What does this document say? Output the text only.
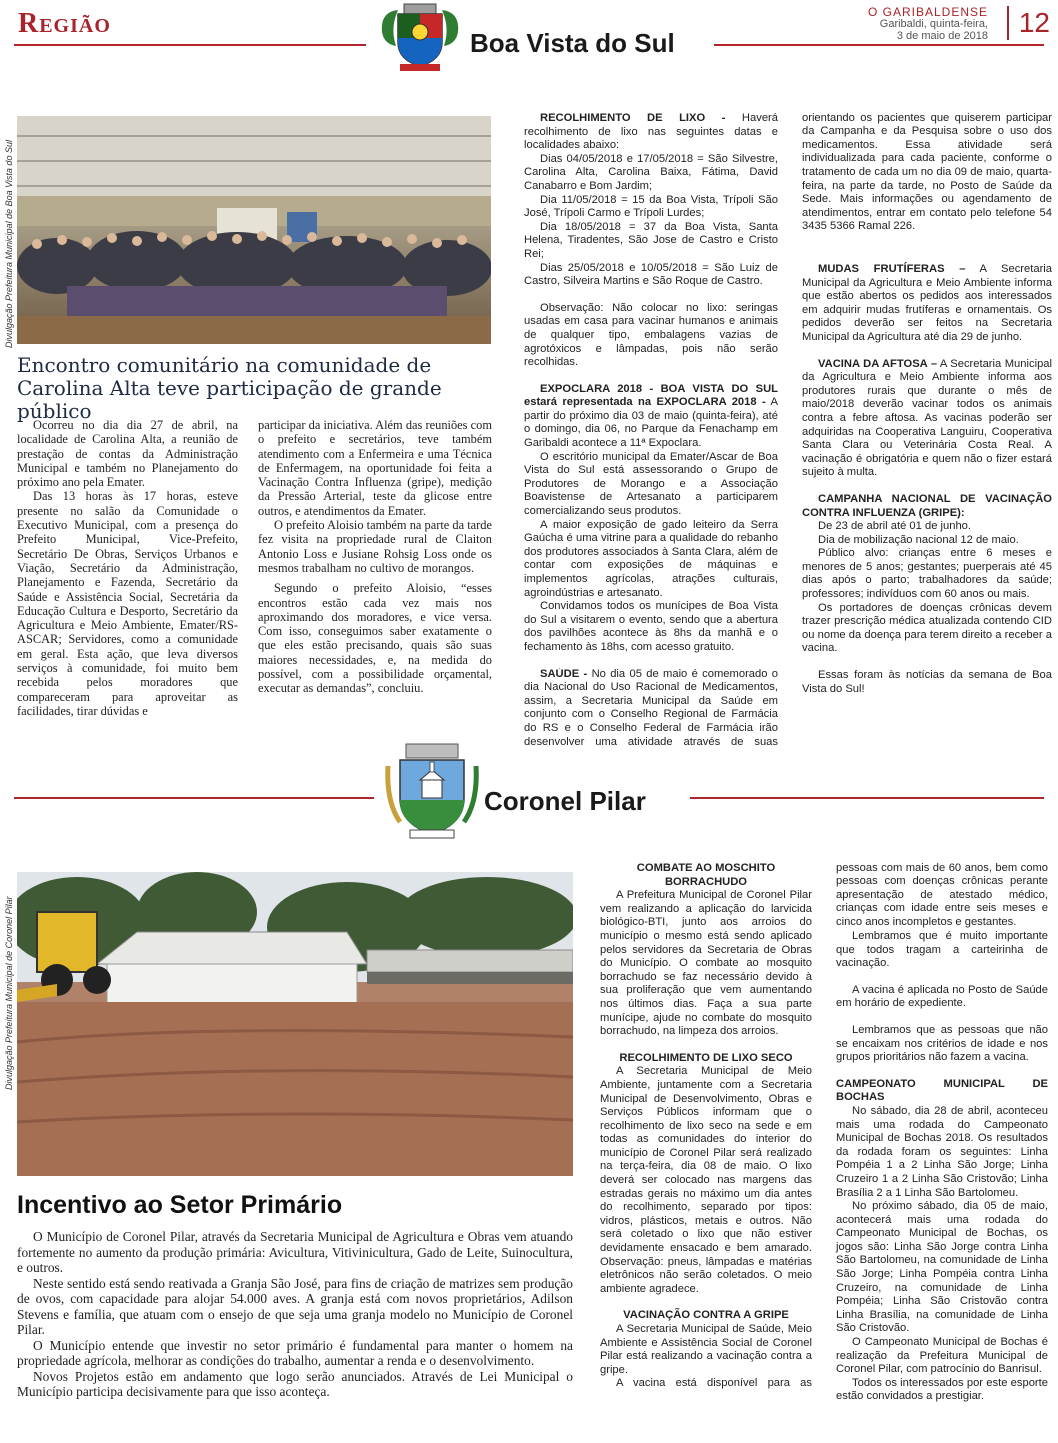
Região
Boa Vista do Sul
O GARIBALDENSE
Garibaldi, quinta-feira,
3 de maio de 2018	12
Divulgação Prefeitura Municipal de Boa Vista do Sul
Encontro comunitário na comunidade de Carolina Alta teve participação de grande público

Ocorreu no dia dia 27 de abril, na localidade de Carolina Alta, a reunião de prestação de contas da Administração Municipal e também no Planejamento do próximo ano pela Emater.

Das 13 horas às 17 horas, esteve presente no salão da Comunidade o Executivo Municipal, com a presença do Prefeito Municipal, Vice-Prefeito, Secretário De Obras, Serviços Urbanos e Viação, Secretário da Administração, Planejamento e Fazenda, Secretário da Saúde e Assistência Social, Secretária da Educação Cultura e Desporto, Secretário da Agricultura e Meio Ambiente, Emater/RS-ASCAR; Servidores, como a comunidade em geral. Esta ação, que leva diversos serviços à comunidade, foi muito bem recebida pelos moradores que compareceram para aproveitar as facilidades, tirar dúvidas e

participar da iniciativa. Além das reuniões com o prefeito e secretários, teve também atendimento com a Enfermeira e uma Técnica de Enfermagem, na oportunidade foi feita a Vacinação Contra Influenza (gripe), medição da Pressão Arterial, teste da glicose entre outros, e atendimentos da Emater.

O prefeito Aloisio também na parte da tarde fez visita na propriedade rural de Claiton Antonio Loss e Jusiane Rohsig Loss onde os mesmos trabalham no cultivo de morangos.

Segundo o prefeito Aloisio, “esses encontros estão cada vez mais nos aproximando dos moradores, e vice versa. Com isso, conseguimos saber exatamente o que eles estão precisando, quais são suas maiores necessidades, e, na medida do possível, com a possibilidade orçamental, executar as demandas”, concluiu.

RECOLHIMENTO DE LIXO - Haverá recolhimento de lixo nas seguintes datas e localidades abaixo:

Dias 04/05/2018 e 17/05/2018 = São Silvestre, Carolina Alta, Carolina Baixa, Fátima, David Canabarro e Bom Jardim;

Dia 11/05/2018 = 15 da Boa Vista, Trípoli São José, Trípoli Carmo e Trípoli Lurdes;

Dia 18/05/2018 = 37 da Boa Vista, Santa Helena, Tiradentes, São Jose de Castro e Cristo Rei;

Dias 25/05/2018 e 10/05/2018 = São Luiz de Castro, Silveira Martins e São Roque de Castro.

Observação: Não colocar no lixo: seringas usadas em casa para vacinar humanos e animais de qualquer tipo, embalagens vazias de agrotóxicos e lâmpadas, pois não serão recolhidas.

EXPOCLARA 2018 - BOA VISTA DO SUL estará representada na EXPOCLARA 2018 - A partir do próximo dia 03 de maio (quinta-feira), até o domingo, dia 06, no Parque da Fenachamp em Garibaldi acontece a 11ª Expoclara.

O escritório municipal da Emater/Ascar de Boa Vista do Sul está assessorando o Grupo de Produtores de Morango e a Associação Boavistense de Artesanato a participarem comercializando seus produtos.

A maior exposição de gado leiteiro da Serra Gaúcha é uma vitrine para a qualidade do rebanho dos produtores associados à Santa Clara, além de contar com exposições de máquinas e implementos agrícolas, atrações culturais, agroindústrias e artesanato.

Convidamos todos os munícipes de Boa Vista do Sul a visitarem o evento, sendo que a abertura dos pavilhões acontece às 8hs da manhã e o fechamento às 18hs, com acesso gratuito.

SAÚDE - No dia 05 de maio é comemorado o dia Nacional do Uso Racional de Medicamentos, assim, a Secretaria Municipal da Saúde em conjunto com o Conselho Regional de Farmácia do RS e o Conselho Federal de Farmácia irão desenvolver uma atividade através de suas

orientando os pacientes que quiserem participar da Campanha e da Pesquisa sobre o uso dos medicamentos. Essa atividade será individualizada para cada paciente, conforme o tratamento de cada um no dia 09 de maio, quarta-feira, na parte da tarde, no Posto de Saúde da Sede. Mais informações ou agendamento de atendimentos, entrar em contato pelo telefone 54 3435 5366 Ramal 226.

MUDAS FRUTÍFERAS – A Secretaria Municipal da Agricultura e Meio Ambiente informa que estão abertos os pedidos aos interessados em adquirir mudas frutíferas e ornamentais. Os pedidos deverão ser feitos na Secretaria Municipal da Agricultura até dia 29 de junho.

VACINA DA AFTOSA – A Secretaria Municipal da Agricultura e Meio Ambiente informa aos produtores rurais que durante o mês de maio/2018 deverão vacinar todos os animais contra a febre aftosa. As vacinas poderão ser adquiridas na Cooperativa Languiru, Cooperativa Santa Clara ou Veterinária Costa Real. A vacinação é obrigatória e quem não o fizer estará sujeito à multa.

CAMPANHA NACIONAL DE VACINAÇÃO CONTRA INFLUENZA (GRIPE):

De 23 de abril até 01 de junho.

Dia de mobilização nacional 12 de maio.

Público alvo: crianças entre 6 meses e menores de 5 anos; gestantes; puerperais até 45 dias após o parto; trabalhadores da saúde; professores; indivíduos com 60 anos ou mais.

Os portadores de doenças crônicas devem trazer prescrição médica atualizada contendo CID ou nome da doença para terem direito a receber a vacina.

Essas foram às notícias da semana de Boa Vista do Sul!

Coronel Pilar
Divulgação Prefeitura Municipal de Coronel Pilar
Incentivo ao Setor Primário

O Município de Coronel Pilar, através da Secretaria Municipal de Agricultura e Obras vem atuando fortemente no aumento da produção primária: Avicultura, Vitivinicultura, Gado de Leite, Suinocultura, e outros.

Neste sentido está sendo reativada a Granja São José, para fins de criação de matrizes sem produção de ovos, com capacidade para alojar 54.000 aves. A granja está com novos proprietários, Adilson Stevens e família, que atuam com o ensejo de que seja uma granja modelo no Município de Coronel Pilar.

O Município entende que investir no setor primário é fundamental para manter o homem na propriedade agrícola, melhorar as condições do trabalho, aumentar a renda e o desenvolvimento.

Novos Projetos estão em andamento que logo serão anunciados. Através de Lei Municipal o Município participa decisivamente para que isso aconteça.

COMBATE AO MOSCHITO BORRACHUDO

A Prefeitura Municipal de Coronel Pilar vem realizando a aplicação do larvicida biológico-BTI, junto aos arroios do município o mesmo está sendo aplicado pelos servidores da Secretaria de Obras do Município. O combate ao mosquito borrachudo se faz necessário devido à sua proliferação que vem aumentando nos últimos dias. Faça a sua parte munícipe, ajude no combate do mosquito borrachudo, na limpeza dos arroios.

RECOLHIMENTO DE LIXO SECO

A Secretaria Municipal de Meio Ambiente, juntamente com a Secretaria Municipal de Desenvolvimento, Obras e Serviços Públicos informam que o recolhimento de lixo seco na sede e em todas as comunidades do interior do município de Coronel Pilar será realizado na terça-feira, dia 08 de maio. O lixo deverá ser colocado nas margens das estradas gerais no máximo um dia antes do recolhimento, separado por tipos: vidros, plásticos, metais e outros. Não será coletado o lixo que não estiver devidamente ensacado e bem amarado. Observação: pneus, lâmpadas e matérias eletrônicos não serão coletados. O meio ambiente agradece.

VACINAÇÃO CONTRA A GRIPE

A Secretaria Municipal de Saúde, Meio Ambiente e Assistência Social de Coronel Pilar está realizando a vacinação contra a gripe.

A vacina está disponível para as

pessoas com mais de 60 anos, bem como pessoas com doenças crônicas perante apresentação de atestado médico, crianças com idade entre seis meses e cinco anos incompletos e gestantes.

Lembramos que é muito importante que todos tragam a carteirinha de vacinação.

A vacina é aplicada no Posto de Saúde em horário de expediente.

Lembramos que as pessoas que não se encaixam nos critérios de idade e nos grupos prioritários não fazem a vacina.

CAMPEONATO MUNICIPAL DE BOCHAS

No sábado, dia 28 de abril, aconteceu mais uma rodada do Campeonato Municipal de Bochas 2018. Os resultados da rodada foram os seguintes: Linha Pompéia 1 a 2 Linha São Jorge; Linha Cruzeiro 1 a 2 Linha São Cristovão; Linha Brasília 2 a 1 Linha São Bartolomeu.

No próximo sábado, dia 05 de maio, acontecerá mais uma rodada do Campeonato Municipal de Bochas, os jogos são: Linha São Jorge contra Linha São Bartolomeu, na comunidade de Linha São Jorge; Linha Pompéia contra Linha Cruzeiro, na comunidade de Linha Pompéia; Linha São Cristovão contra Linha Brasília, na comunidade de Linha São Cristovão.

O Campeonato Municipal de Bochas é realização da Prefeitura Municipal de Coronel Pilar, com patrocínio do Banrisul.

Todos os interessados por este esporte estão convidados a prestigiar.
